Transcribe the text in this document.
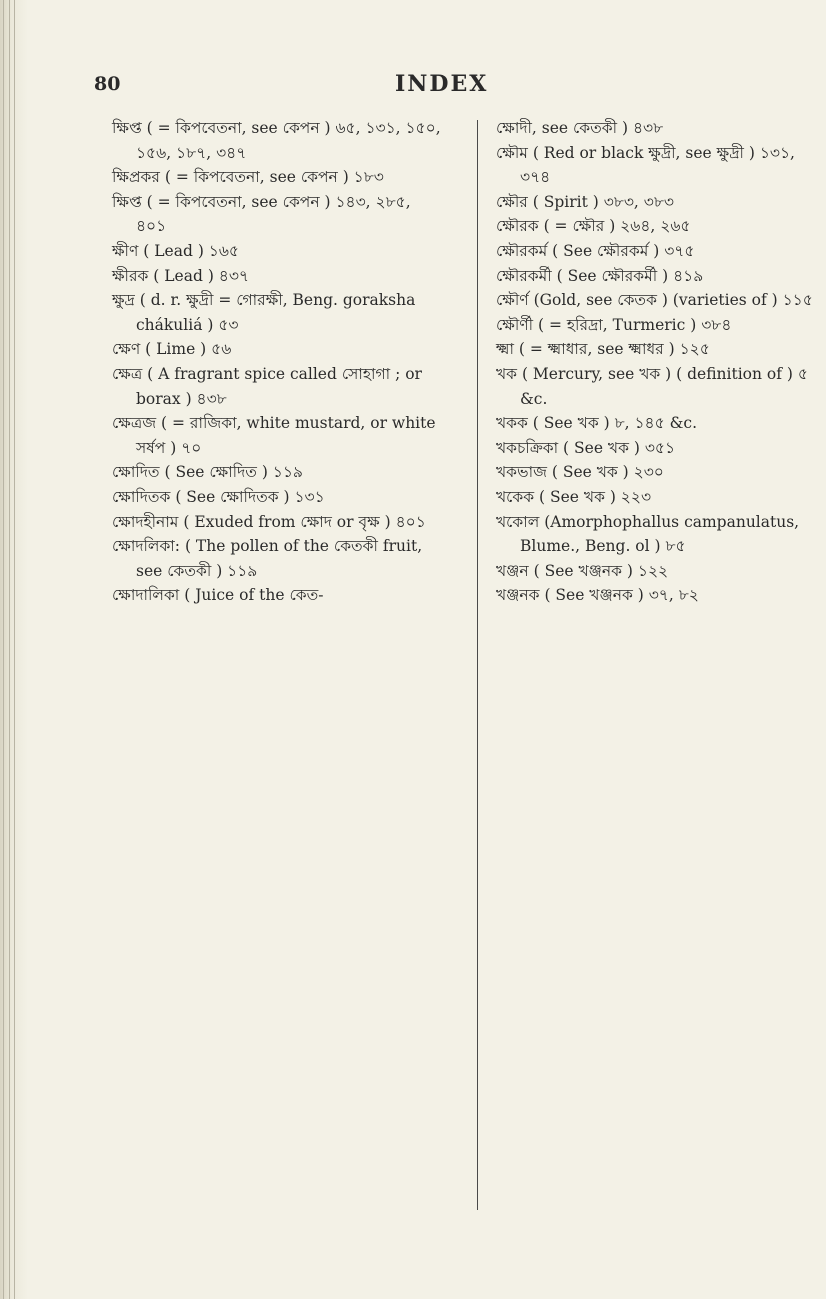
80	INDEX
ক্ষিপ্ত ( = কিপবেতনা, see কেপন ) ৬৫, ১৩১, ১৫০, ১৫৬, ১৮৭, ৩৪৭
ক্ষিপ্রকর ( = কিপবেতনা, see কেপন ) ১৮৩
ক্ষিপ্ত ( = কিপবেতনা, see কেপন ) ১৪৩, ২৮৫, ৪০১
ক্ষীণ ( Lead ) ১৬৫
ক্ষীরক ( Lead ) ৪৩৭
ক্ষুদ্র ( d. r. ক্ষুদ্রী = গোরক্ষী, Beng. goraksha chákuliá ) ৫৩
ক্ষেণ ( Lime ) ৫৬
ক্ষেত্র ( A fragrant spice called সোহাগা ; or borax ) ৪৩৮
ক্ষেত্রজ ( = রাজিকা, white mustard, or white সর্ষপ ) ৭০
ক্ষোদিত ( See ক্ষোদিত ) ১১৯
ক্ষোদিতক ( See ক্ষোদিতক ) ১৩১
ক্ষোদহীনাম ( Exuded from ক্ষোদ or বৃক্ষ ) ৪০১
ক্ষোদলিকা: ( The pollen of the কেতকী fruit, see কেতকী ) ১১৯
ক্ষোদালিকা ( Juice of the কেত-
ক্ষোদী, see কেতকী ) ৪৩৮
ক্ষৌম ( Red or black ক্ষুদ্রী, see ক্ষুদ্রী ) ১৩১, ৩৭৪
ক্ষৌর ( Spirit ) ৩৮৩, ৩৮৩
ক্ষৌরক ( = ক্ষৌর ) ২৬৪, ২৬৫
ক্ষৌরকর্ম ( See ক্ষৌরকর্ম ) ৩৭৫
ক্ষৌরকর্মী ( See ক্ষৌরকর্মী ) ৪১৯
ক্ষৌর্ণ (Gold, see কেতক ) (varieties of ) ১১৫
ক্ষৌর্ণী ( = হরিদ্রা, Turmeric ) ৩৮৪
ক্ষ্মা ( = ক্ষ্মাধার, see ক্ষ্মাধর ) ১২৫
খক ( Mercury, see খক ) ( definition of ) ৫ &c.
খকক ( See খক ) ৮, ১৪৫ &c.
খকচক্রিকা ( See খক ) ৩৫১
খকভাজ ( See খক ) ২৩০
খকেক ( See খক ) ২২৩
খকোল (Amorphophallus campanulatus, Blume., Beng. ol ) ৮৫
খঞ্জন ( See খঞ্জনক ) ১২২
খঞ্জনক ( See খঞ্জনক ) ৩৭, ৮২
